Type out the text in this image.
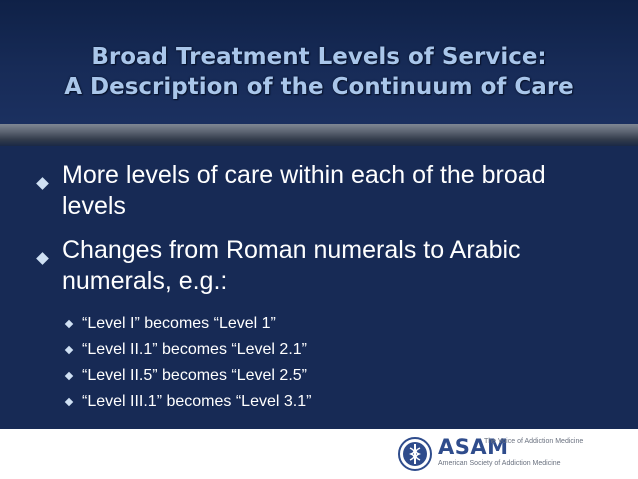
Broad Treatment Levels of Service:
A Description of the Continuum of Care
More levels of care within each of the broad levels
Changes from Roman numerals to Arabic numerals, e.g.:
“Level I” becomes “Level 1”
“Level II.1” becomes “Level 2.1”
“Level II.5” becomes “Level 2.5”
“Level III.1” becomes “Level 3.1”
ASAM
The Voice of Addiction Medicine
American Society of Addiction Medicine
